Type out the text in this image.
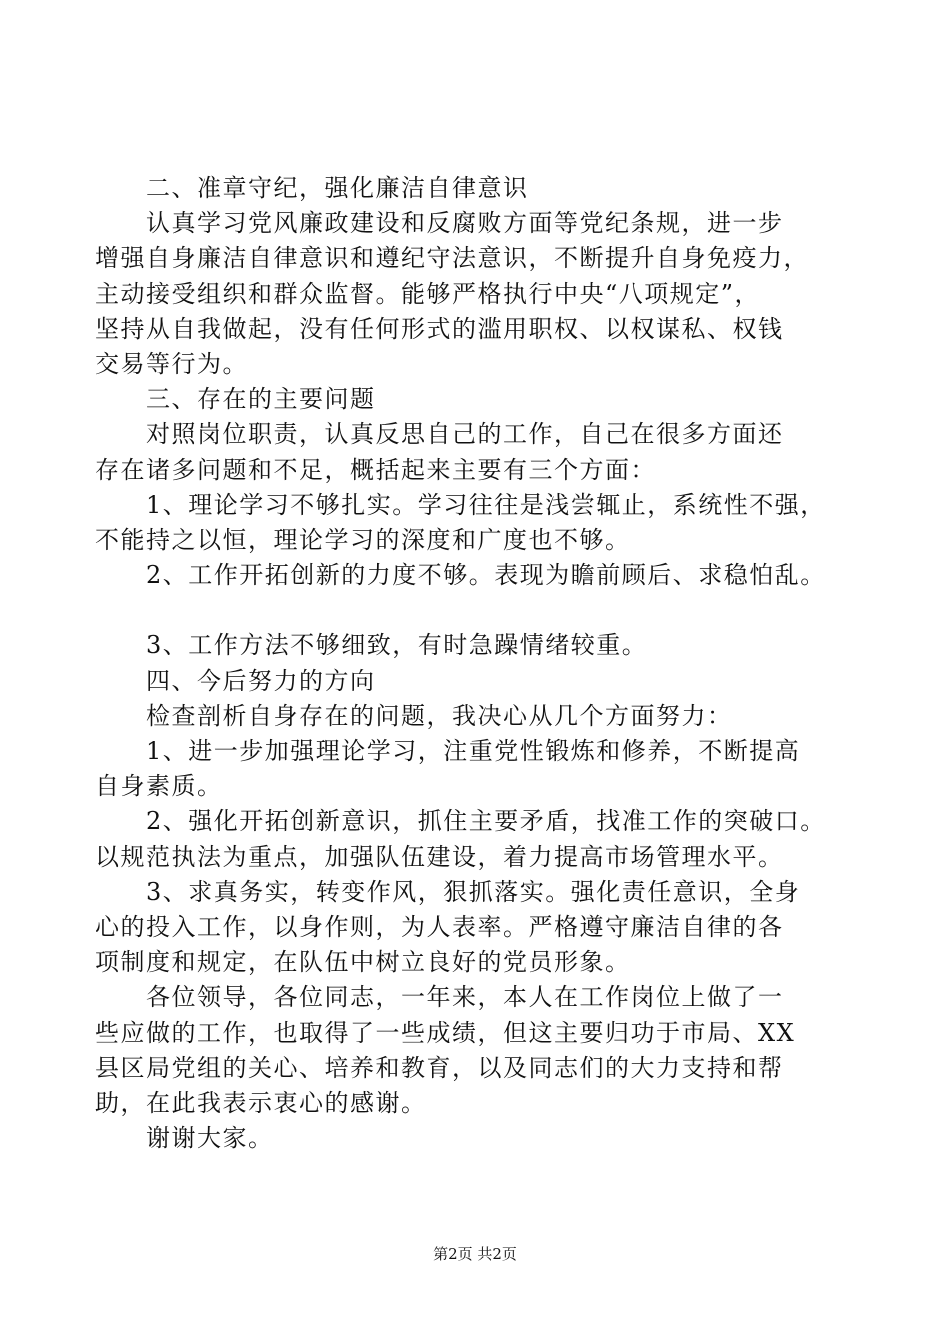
　　二、准章守纪，强化廉洁自律意识
　　认真学习党风廉政建设和反腐败方面等党纪条规，进一步
增强自身廉洁自律意识和遵纪守法意识，不断提升自身免疫力，
主动接受组织和群众监督。能够严格执行中央“八项规定”，
坚持从自我做起，没有任何形式的滥用职权、以权谋私、权钱
交易等行为。
　　三、存在的主要问题
　　对照岗位职责，认真反思自己的工作，自己在很多方面还
存在诸多问题和不足，概括起来主要有三个方面：
　　1、理论学习不够扎实。学习往往是浅尝辄止，系统性不强，
不能持之以恒，理论学习的深度和广度也不够。
　　2、工作开拓创新的力度不够。表现为瞻前顾后、求稳怕乱。
　　3、工作方法不够细致，有时急躁情绪较重。
　　四、今后努力的方向
　　检查剖析自身存在的问题，我决心从几个方面努力：
　　1、进一步加强理论学习，注重党性锻炼和修养，不断提高
自身素质。
　　2、强化开拓创新意识，抓住主要矛盾，找准工作的突破口。
以规范执法为重点，加强队伍建设，着力提高市场管理水平。
　　3、求真务实，转变作风，狠抓落实。强化责任意识，全身
心的投入工作，以身作则，为人表率。严格遵守廉洁自律的各
项制度和规定，在队伍中树立良好的党员形象。
　　各位领导，各位同志，一年来，本人在工作岗位上做了一
些应做的工作，也取得了一些成绩，但这主要归功于市局、XX
县区局党组的关心、培养和教育，以及同志们的大力支持和帮
助，在此我表示衷心的感谢。
　　谢谢大家。
第2页 共2页
